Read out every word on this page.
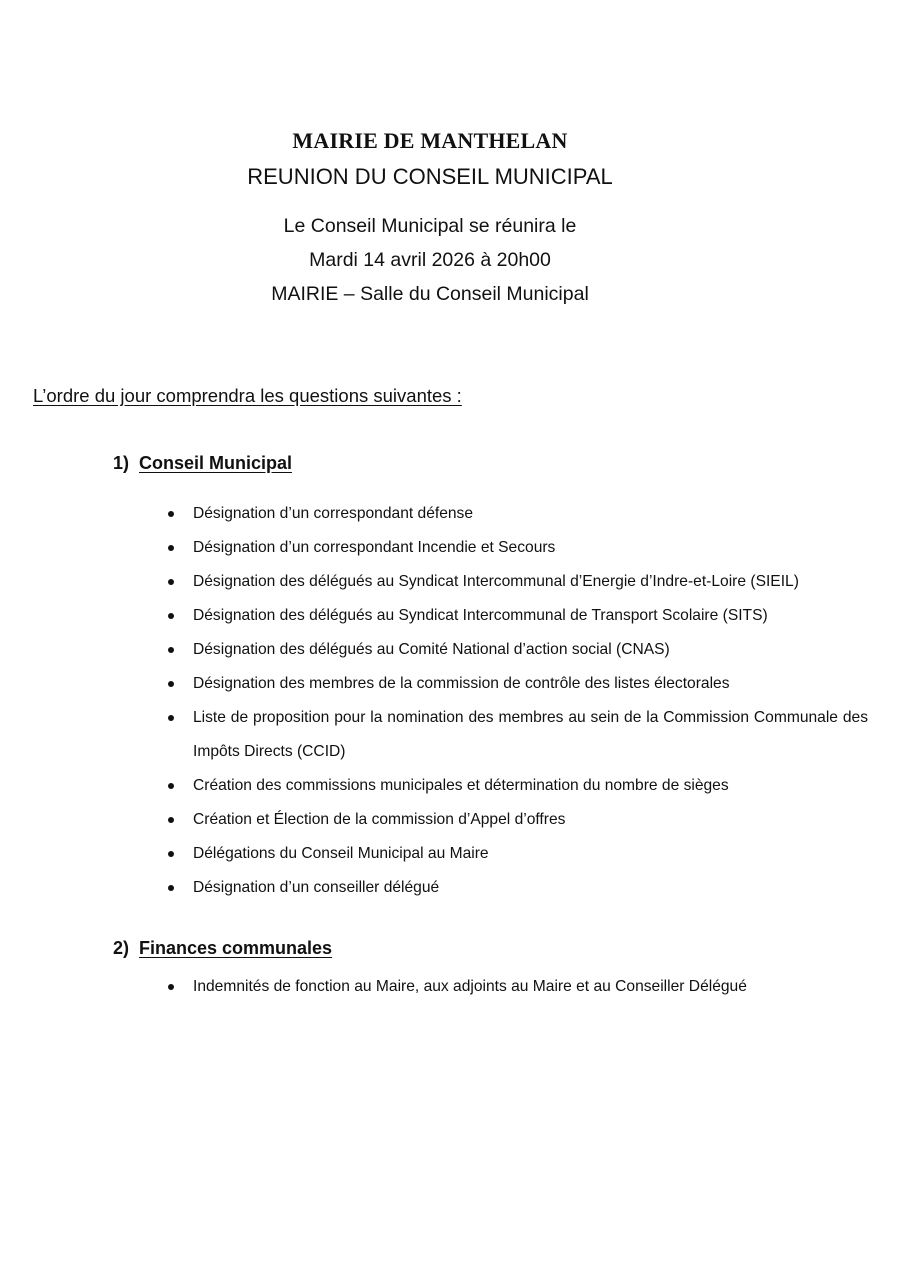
MAIRIE DE MANTHELAN
REUNION DU CONSEIL MUNICIPAL
Le Conseil Municipal se réunira le
Mardi 14 avril 2026 à 20h00
MAIRIE – Salle du Conseil Municipal
L’ordre du jour comprendra les questions suivantes :
1) Conseil Municipal
Désignation d’un correspondant défense
Désignation d’un correspondant Incendie et Secours
Désignation des délégués au Syndicat Intercommunal d’Energie d’Indre-et-Loire (SIEIL)
Désignation des délégués au Syndicat Intercommunal de Transport Scolaire (SITS)
Désignation des délégués au Comité National d’action social (CNAS)
Désignation des membres de la commission de contrôle des listes électorales
Liste de proposition pour la nomination des membres au sein de la Commission Communale des Impôts Directs (CCID)
Création des commissions municipales et détermination du nombre de sièges
Création et Élection de la commission d’Appel d’offres
Délégations du Conseil Municipal au Maire
Désignation d’un conseiller délégué
2) Finances communales
Indemnités de fonction au Maire, aux adjoints au Maire et au Conseiller Délégué
